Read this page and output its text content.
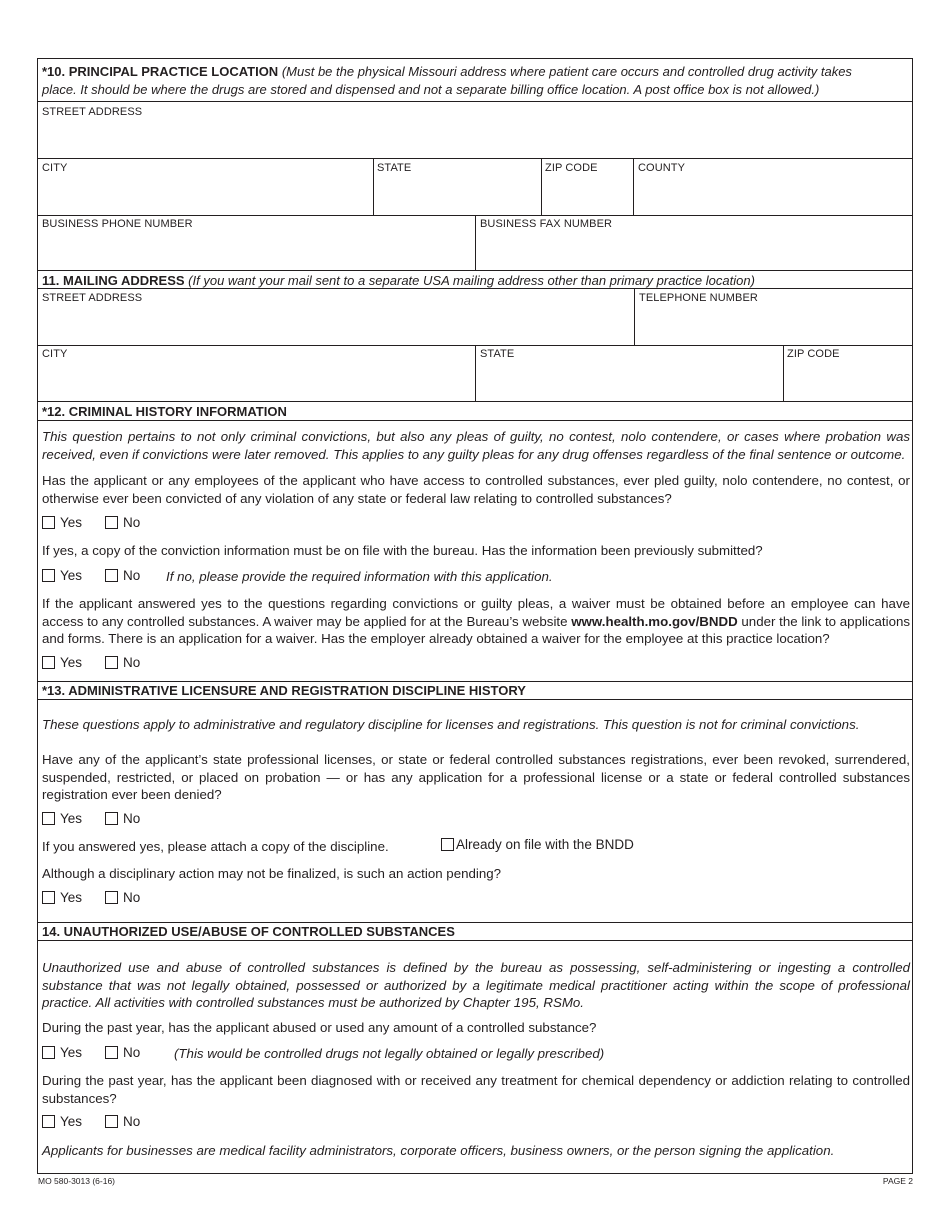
*10. PRINCIPAL PRACTICE LOCATION (Must be the physical Missouri address where patient care occurs and controlled drug activity takes
place. It should be where the drugs are stored and dispensed and not a separate billing office location. A post office box is not allowed.)
STREET ADDRESS
CITY	STATE	ZIP CODE	COUNTY
BUSINESS PHONE NUMBER	BUSINESS FAX NUMBER
11. MAILING ADDRESS (If you want your mail sent to a separate USA mailing address other than primary practice location)
STREET ADDRESS	TELEPHONE NUMBER
CITY	STATE	ZIP CODE
*12. CRIMINAL HISTORY INFORMATION
This question pertains to not only criminal convictions, but also any pleas of guilty, no contest, nolo contendere, or cases where probation was received, even if convictions were later removed. This applies to any guilty pleas for any drug offenses regardless of the final sentence or outcome.
Has the applicant or any employees of the applicant who have access to controlled substances, ever pled guilty, nolo contendere, no contest, or otherwise ever been convicted of any violation of any state or federal law relating to controlled substances?
Yes	No
If yes, a copy of the conviction information must be on file with the bureau. Has the information been previously submitted?
Yes	No If no, please provide the required information with this application.
If the applicant answered yes to the questions regarding convictions or guilty pleas, a waiver must be obtained before an employee can have access to any controlled substances. A waiver may be applied for at the Bureau’s website www.health.mo.gov/BNDD under the link to applications and forms. There is an application for a waiver. Has the employer already obtained a waiver for the employee at this practice location?
Yes	No
*13. ADMINISTRATIVE LICENSURE AND REGISTRATION DISCIPLINE HISTORY
These questions apply to administrative and regulatory discipline for licenses and registrations. This question is not for criminal convictions.
Have any of the applicant’s state professional licenses, or state or federal controlled substances registrations, ever been revoked, surrendered, suspended, restricted, or placed on probation — or has any application for a professional license or a state or federal controlled substances registration ever been denied?
Yes	No
If you answered yes, please attach a copy of the discipline.	Already on file with the BNDD
Although a disciplinary action may not be finalized, is such an action pending?
Yes	No
14. UNAUTHORIZED USE/ABUSE OF CONTROLLED SUBSTANCES
Unauthorized use and abuse of controlled substances is defined by the bureau as possessing, self-administering or ingesting a controlled substance that was not legally obtained, possessed or authorized by a legitimate medical practitioner acting within the scope of professional practice. All activities with controlled substances must be authorized by Chapter 195, RSMo.
During the past year, has the applicant abused or used any amount of a controlled substance?
Yes	No	(This would be controlled drugs not legally obtained or legally prescribed)
During the past year, has the applicant been diagnosed with or received any treatment for chemical dependency or addiction relating to controlled substances?
Yes	No
Applicants for businesses are medical facility administrators, corporate officers, business owners, or the person signing the application.
MO 580-3013 (6-16)	PAGE 2
